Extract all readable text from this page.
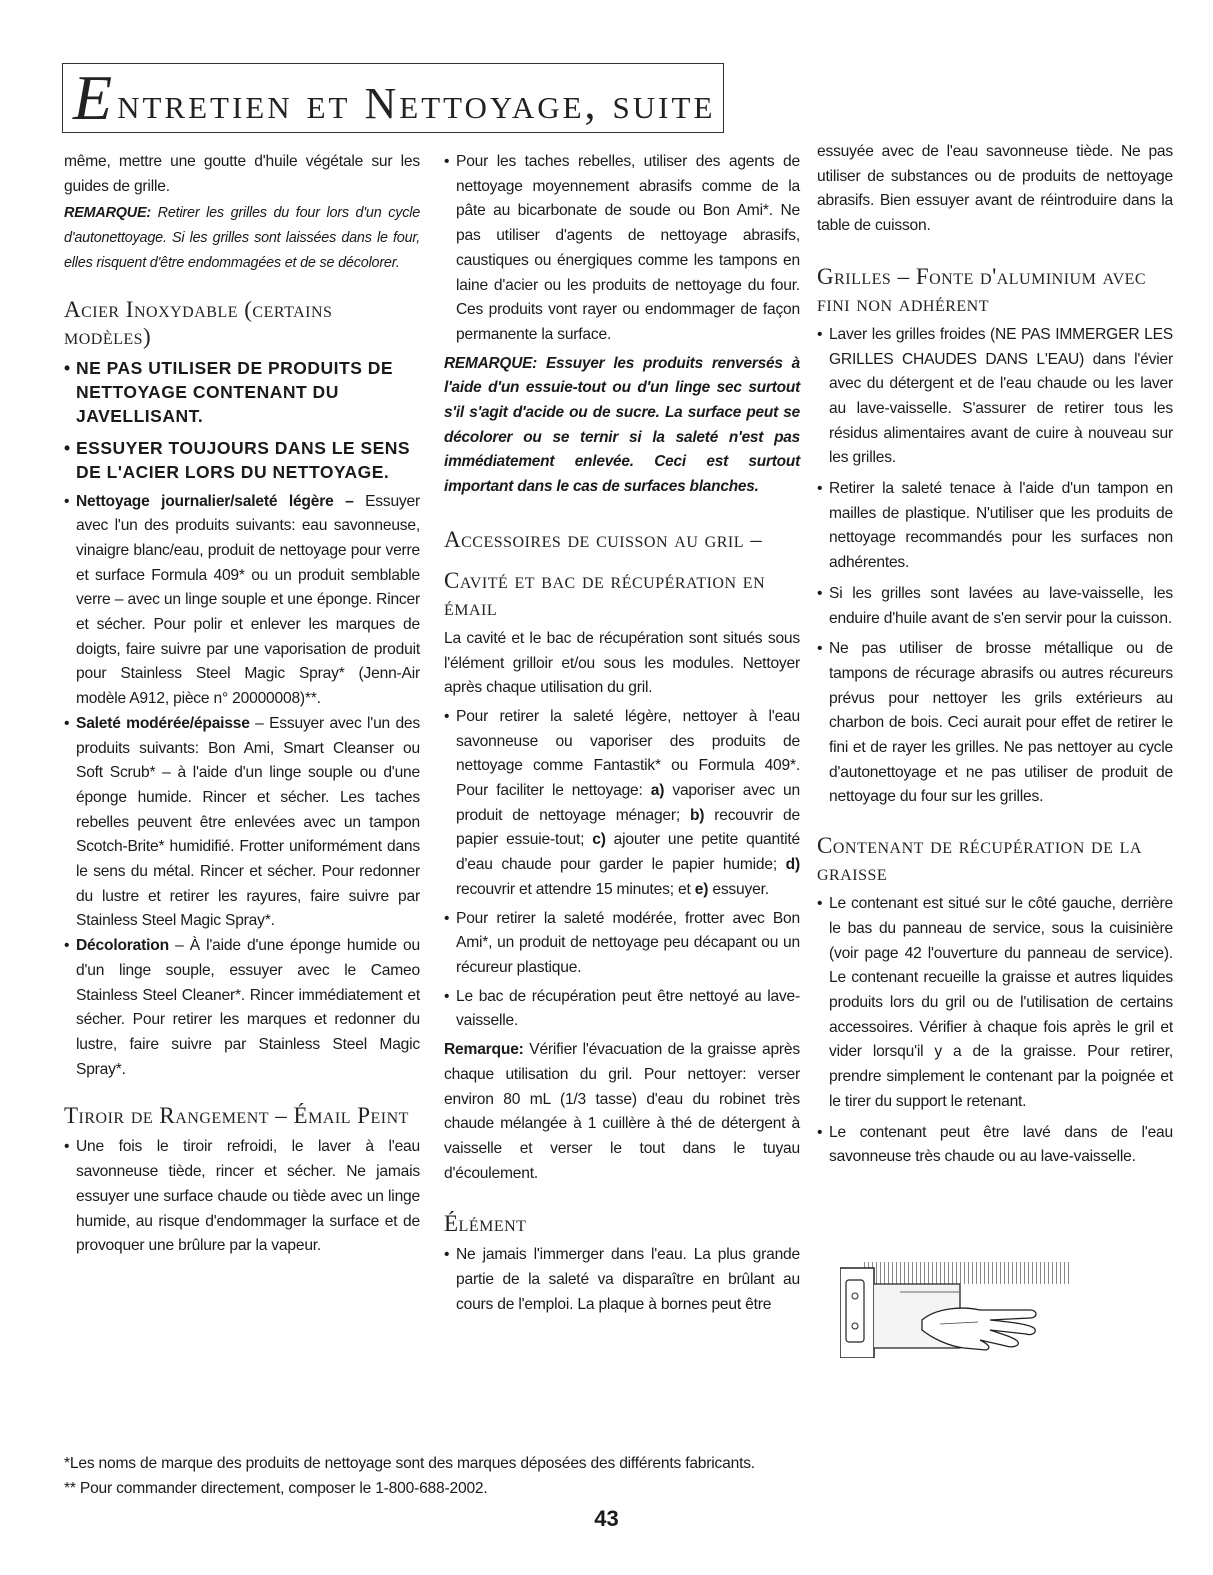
E ntretien et Nettoyage, suite

même, mettre une goutte d'huile végétale sur les guides de grille.

REMARQUE: Retirer les grilles du four lors d'un cycle d'autonettoyage. Si les grilles sont laissées dans le four, elles risquent d'être endommagées et de se décolorer.

Acier Inoxydable (certains modèles)
• NE PAS UTILISER DE PRODUITS DE NETTOYAGE CONTENANT DU JAVELLISANT.
• ESSUYER TOUJOURS DANS LE SENS DE L'ACIER LORS DU NETTOYAGE.
• Nettoyage journalier/saleté légère – Essuyer avec l'un des produits suivants: eau savonneuse, vinaigre blanc/eau, produit de nettoyage pour verre et surface Formula 409* ou un produit semblable verre – avec un linge souple et une éponge. Rincer et sécher. Pour polir et enlever les marques de doigts, faire suivre par une vaporisation de produit pour Stainless Steel Magic Spray* (Jenn-Air modèle A912, pièce n° 20000008)**.
• Saleté modérée/épaisse – Essuyer avec l'un des produits suivants: Bon Ami, Smart Cleanser ou Soft Scrub* – à l'aide d'un linge souple ou d'une éponge humide. Rincer et sécher. Les taches rebelles peuvent être enlevées avec un tampon Scotch-Brite* humidifié. Frotter uniformément dans le sens du métal. Rincer et sécher. Pour redonner du lustre et retirer les rayures, faire suivre par Stainless Steel Magic Spray*.
• Décoloration – À l'aide d'une éponge humide ou d'un linge souple, essuyer avec le Cameo Stainless Steel Cleaner*. Rincer immédiatement et sécher. Pour retirer les marques et redonner du lustre, faire suivre par Stainless Steel Magic Spray*.
Tiroir de Rangement – Émail Peint
• Une fois le tiroir refroidi, le laver à l'eau savonneuse tiède, rincer et sécher. Ne jamais essuyer une surface chaude ou tiède avec un linge humide, au risque d'endommager la surface et de provoquer une brûlure par la vapeur.
• Pour les taches rebelles, utiliser des agents de nettoyage moyennement abrasifs comme de la pâte au bicarbonate de soude ou Bon Ami*. Ne pas utiliser d'agents de nettoyage abrasifs, caustiques ou énergiques comme les tampons en laine d'acier ou les produits de nettoyage du four. Ces produits vont rayer ou endommager de façon permanente la surface.

REMARQUE: Essuyer les produits renversés à l'aide d'un essuie-tout ou d'un linge sec surtout s'il s'agit d'acide ou de sucre. La surface peut se décolorer ou se ternir si la saleté n'est pas immédiatement enlevée. Ceci est surtout important dans le cas de surfaces blanches.

Accessoires de cuisson au gril –
Cavité et bac de récupération en émail

La cavité et le bac de récupération sont situés sous l'élément grilloir et/ou sous les modules. Nettoyer après chaque utilisation du gril.

• Pour retirer la saleté légère, nettoyer à l'eau savonneuse ou vaporiser des produits de nettoyage comme Fantastik* ou Formula 409*. Pour faciliter le nettoyage: a) vaporiser avec un produit de nettoyage ménager; b) recouvrir de papier essuie-tout; c) ajouter une petite quantité d'eau chaude pour garder le papier humide; d) recouvrir et attendre 15 minutes; et e) essuyer.
• Pour retirer la saleté modérée, frotter avec Bon Ami*, un produit de nettoyage peu décapant ou un récureur plastique.
• Le bac de récupération peut être nettoyé au lave-vaisselle.

Remarque: Vérifier l'évacuation de la graisse après chaque utilisation du gril. Pour nettoyer: verser environ 80 mL (1/3 tasse) d'eau du robinet très chaude mélangée à 1 cuillère à thé de détergent à vaisselle et verser le tout dans le tuyau d'écoulement.

Élément
• Ne jamais l'immerger dans l'eau. La plus grande partie de la saleté va disparaître en brûlant au cours de l'emploi. La plaque à bornes peut être

essuyée avec de l'eau savonneuse tiède. Ne pas utiliser de substances ou de produits de nettoyage abrasifs. Bien essuyer avant de réintroduire dans la table de cuisson.

Grilles – Fonte d'aluminium avec fini non adhérent
• Laver les grilles froides (NE PAS IMMERGER LES GRILLES CHAUDES DANS L'EAU) dans l'évier avec du détergent et de l'eau chaude ou les laver au lave-vaisselle. S'assurer de retirer tous les résidus alimentaires avant de cuire à nouveau sur les grilles.
• Retirer la saleté tenace à l'aide d'un tampon en mailles de plastique. N'utiliser que les produits de nettoyage recommandés pour les surfaces non adhérentes.
• Si les grilles sont lavées au lave-vaisselle, les enduire d'huile avant de s'en servir pour la cuisson.
• Ne pas utiliser de brosse métallique ou de tampons de récurage abrasifs ou autres récureurs prévus pour nettoyer les grils extérieurs au charbon de bois. Ceci aurait pour effet de retirer le fini et de rayer les grilles. Ne pas nettoyer au cycle d'autonettoyage et ne pas utiliser de produit de nettoyage du four sur les grilles.
Contenant de récupération de la graisse
• Le contenant est situé sur le côté gauche, derrière le bas du panneau de service, sous la cuisinière (voir page 42 l'ouverture du panneau de service). Le contenant recueille la graisse et autres liquides produits lors du gril ou de l'utilisation de certains accessoires. Vérifier à chaque fois après le gril et vider lorsqu'il y a de la graisse. Pour retirer, prendre simplement le contenant par la poignée et le tirer du support le retenant.
• Le contenant peut être lavé dans de l'eau savonneuse très chaude ou au lave-vaisselle.

*Les noms de marque des produits de nettoyage sont des marques déposées des différents fabricants.

** Pour commander directement, composer le 1-800-688-2002.

43
